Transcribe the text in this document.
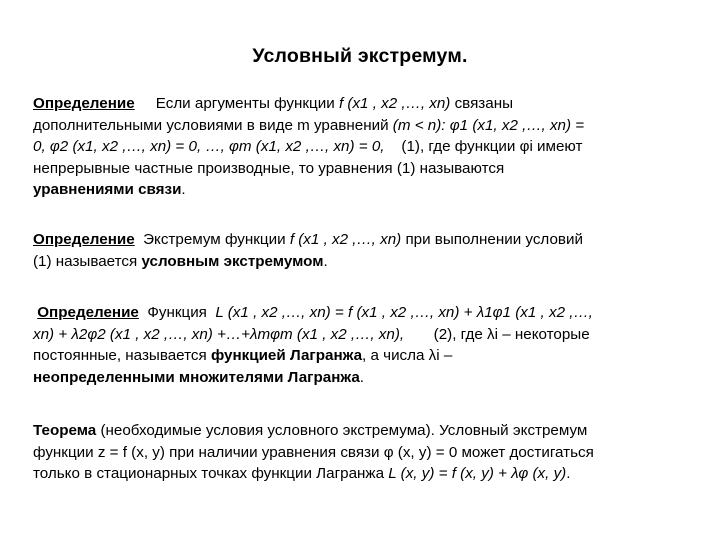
Условный экстремум.
Определение Если аргументы функции f (x1 , x2 ,…, xn) связаны
дополнительными условиями в виде m уравнений (m < n): φ1 (x1, x2 ,…, xn) =
0, φ2 (x1, x2 ,…, xn) = 0, …, φm (x1, x2 ,…, xn) = 0,    (1), где функции φi имеют
непрерывные частные производные, то уравнения (1) называются
уравнениями связи.
Определение  Экстремум функции f (x1 , x2 ,…, xn) при выполнении условий
(1) называется условным экстремумом.
Определение  Функция  L (x1 , x2 ,…, xn) = f (x1 , x2 ,…, xn) + λ1φ1 (x1 , x2 ,…,
xn) + λ2φ2 (x1 , x2 ,…, xn) +…+λmφm (x1 , x2 ,…, xn),       (2), где λi – некоторые
постоянные, называется функцией Лагранжа, а числа λi –
неопределенными множителями Лагранжа.
Теорема (необходимые условия условного экстремума). Условный экстремум
функции z = f (x, y) при наличии уравнения связи φ (x, y) = 0 может достигаться
только в стационарных точках функции Лагранжа L (x, y) = f (x, y) + λφ (x, y).
